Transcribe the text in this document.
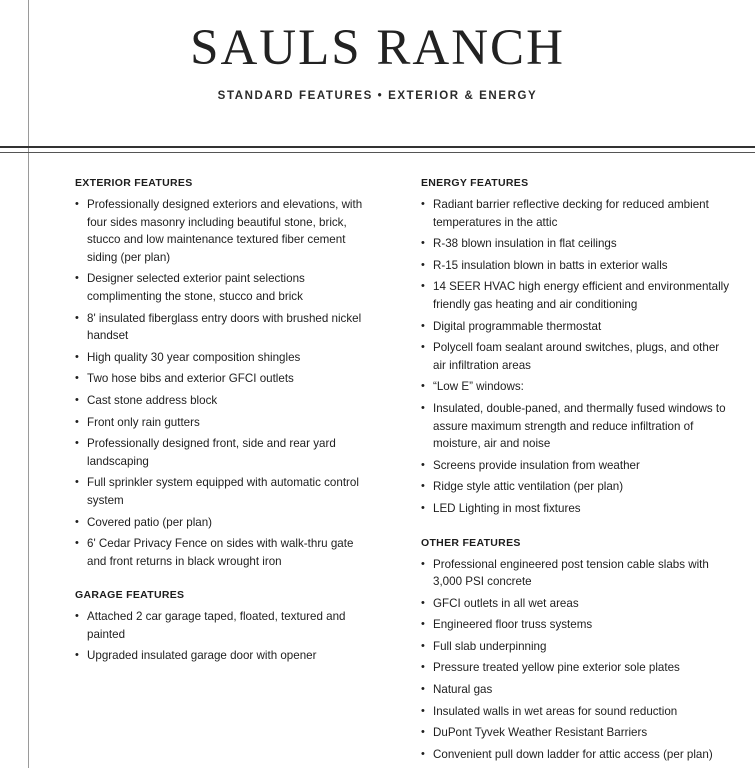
SAULS RANCH
STANDARD FEATURES • EXTERIOR & ENERGY
EXTERIOR FEATURES
• Professionally designed exteriors and elevations, with four sides masonry including beautiful stone, brick, stucco and low maintenance textured fiber cement siding (per plan)
• Designer selected exterior paint selections complimenting the stone, stucco and brick
• 8' insulated fiberglass entry doors with brushed nickel handset
• High quality 30 year composition shingles
• Two hose bibs and exterior GFCI outlets
• Cast stone address block
• Front only rain gutters
• Professionally designed front, side and rear yard landscaping
• Full sprinkler system equipped with automatic control system
• Covered patio (per plan)
• 6' Cedar Privacy Fence on sides with walk-thru gate and front returns in black wrought iron
GARAGE FEATURES
• Attached 2 car garage taped, floated, textured and painted
• Upgraded insulated garage door with opener
ENERGY FEATURES
• Radiant barrier reflective decking for reduced ambient temperatures in the attic
• R-38 blown insulation in flat ceilings
• R-15 insulation blown in batts in exterior walls
• 14 SEER HVAC high energy efficient and environmentally friendly gas heating and air conditioning
• Digital programmable thermostat
• Polycell foam sealant around switches, plugs, and other air infiltration areas
• “Low E” windows:
• Insulated, double-paned, and thermally fused windows to assure maximum strength and reduce infiltration of moisture, air and noise
• Screens provide insulation from weather
• Ridge style attic ventilation (per plan)
• LED Lighting in most fixtures
OTHER FEATURES
• Professional engineered post tension cable slabs with 3,000 PSI concrete
• GFCI outlets in all wet areas
• Engineered floor truss systems
• Full slab underpinning
• Pressure treated yellow pine exterior sole plates
• Natural gas
• Insulated walls in wet areas for sound reduction
• DuPont Tyvek Weather Resistant Barriers
• Convenient pull down ladder for attic access (per plan)
